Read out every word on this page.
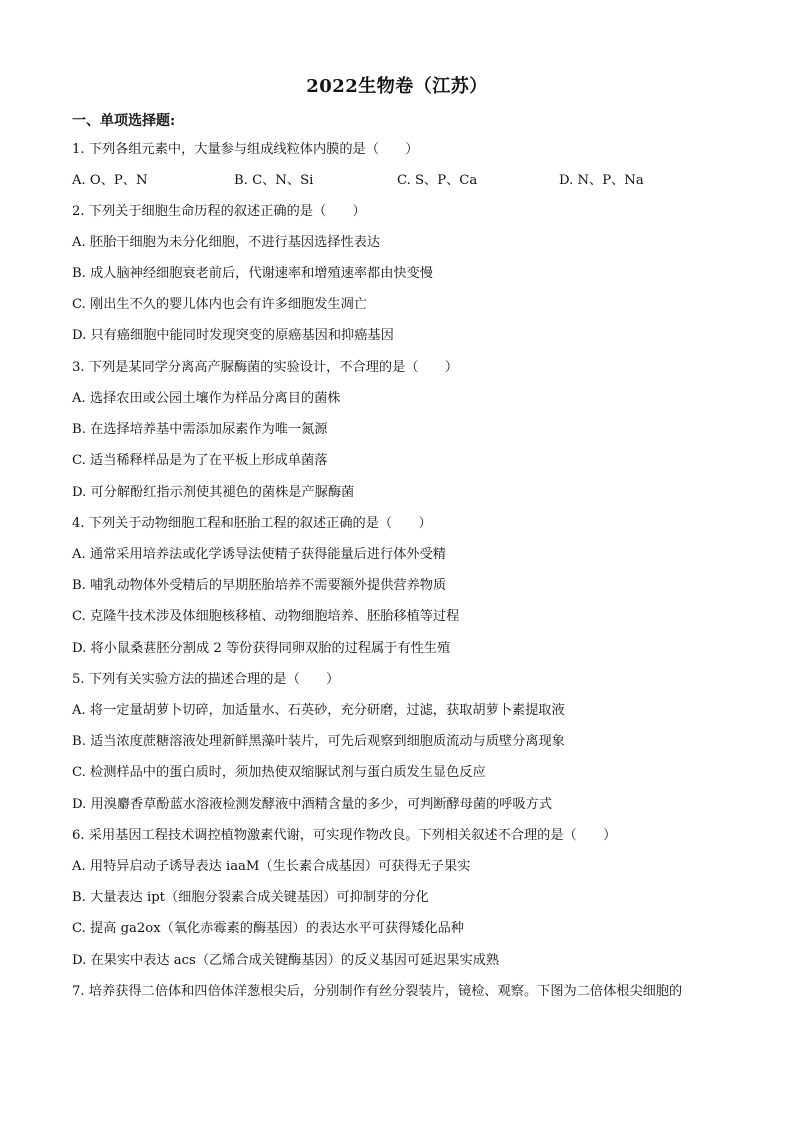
2022生物卷（江苏）
一、单项选择题:
1. 下列各组元素中，大量参与组成线粒体内膜的是（　　）
A. O、P、N	B. C、N、Si	C. S、P、Ca	D. N、P、Na
2. 下列关于细胞生命历程的叙述正确的是（　　）
A. 胚胎干细胞为未分化细胞，不进行基因选择性表达
B. 成人脑神经细胞衰老前后，代谢速率和增殖速率都由快变慢
C. 刚出生不久的婴儿体内也会有许多细胞发生凋亡
D. 只有癌细胞中能同时发现突变的原癌基因和抑癌基因
3. 下列是某同学分离高产脲酶菌的实验设计，不合理的是（　　）
A. 选择农田或公园土壤作为样品分离目的菌株
B. 在选择培养基中需添加尿素作为唯一氮源
C. 适当稀释样品是为了在平板上形成单菌落
D. 可分解酚红指示剂使其褪色的菌株是产脲酶菌
4. 下列关于动物细胞工程和胚胎工程的叙述正确的是（　　）
A. 通常采用培养法或化学诱导法使精子获得能量后进行体外受精
B. 哺乳动物体外受精后的早期胚胎培养不需要额外提供营养物质
C. 克隆牛技术涉及体细胞核移植、动物细胞培养、胚胎移植等过程
D. 将小鼠桑葚胚分割成 2 等份获得同卵双胎的过程属于有性生殖
5. 下列有关实验方法的描述合理的是（　　）
A. 将一定量胡萝卜切碎，加适量水、石英砂，充分研磨，过滤，获取胡萝卜素提取液
B. 适当浓度蔗糖溶液处理新鲜黑藻叶装片，可先后观察到细胞质流动与质壁分离现象
C. 检测样品中的蛋白质时，须加热使双缩脲试剂与蛋白质发生显色反应
D. 用溴麝香草酚蓝水溶液检测发酵液中酒精含量的多少，可判断酵母菌的呼吸方式
6. 采用基因工程技术调控植物激素代谢，可实现作物改良。下列相关叙述不合理的是（　　）
A. 用特异启动子诱导表达 iaaM（生长素合成基因）可获得无子果实
B. 大量表达 ipt（细胞分裂素合成关键基因）可抑制芽的分化
C. 提高 ga2ox（氧化赤霉素的酶基因）的表达水平可获得矮化品种
D. 在果实中表达 acs（乙烯合成关键酶基因）的反义基因可延迟果实成熟
7. 培养获得二倍体和四倍体洋葱根尖后，分别制作有丝分裂装片，镜检、观察。下图为二倍体根尖细胞的
